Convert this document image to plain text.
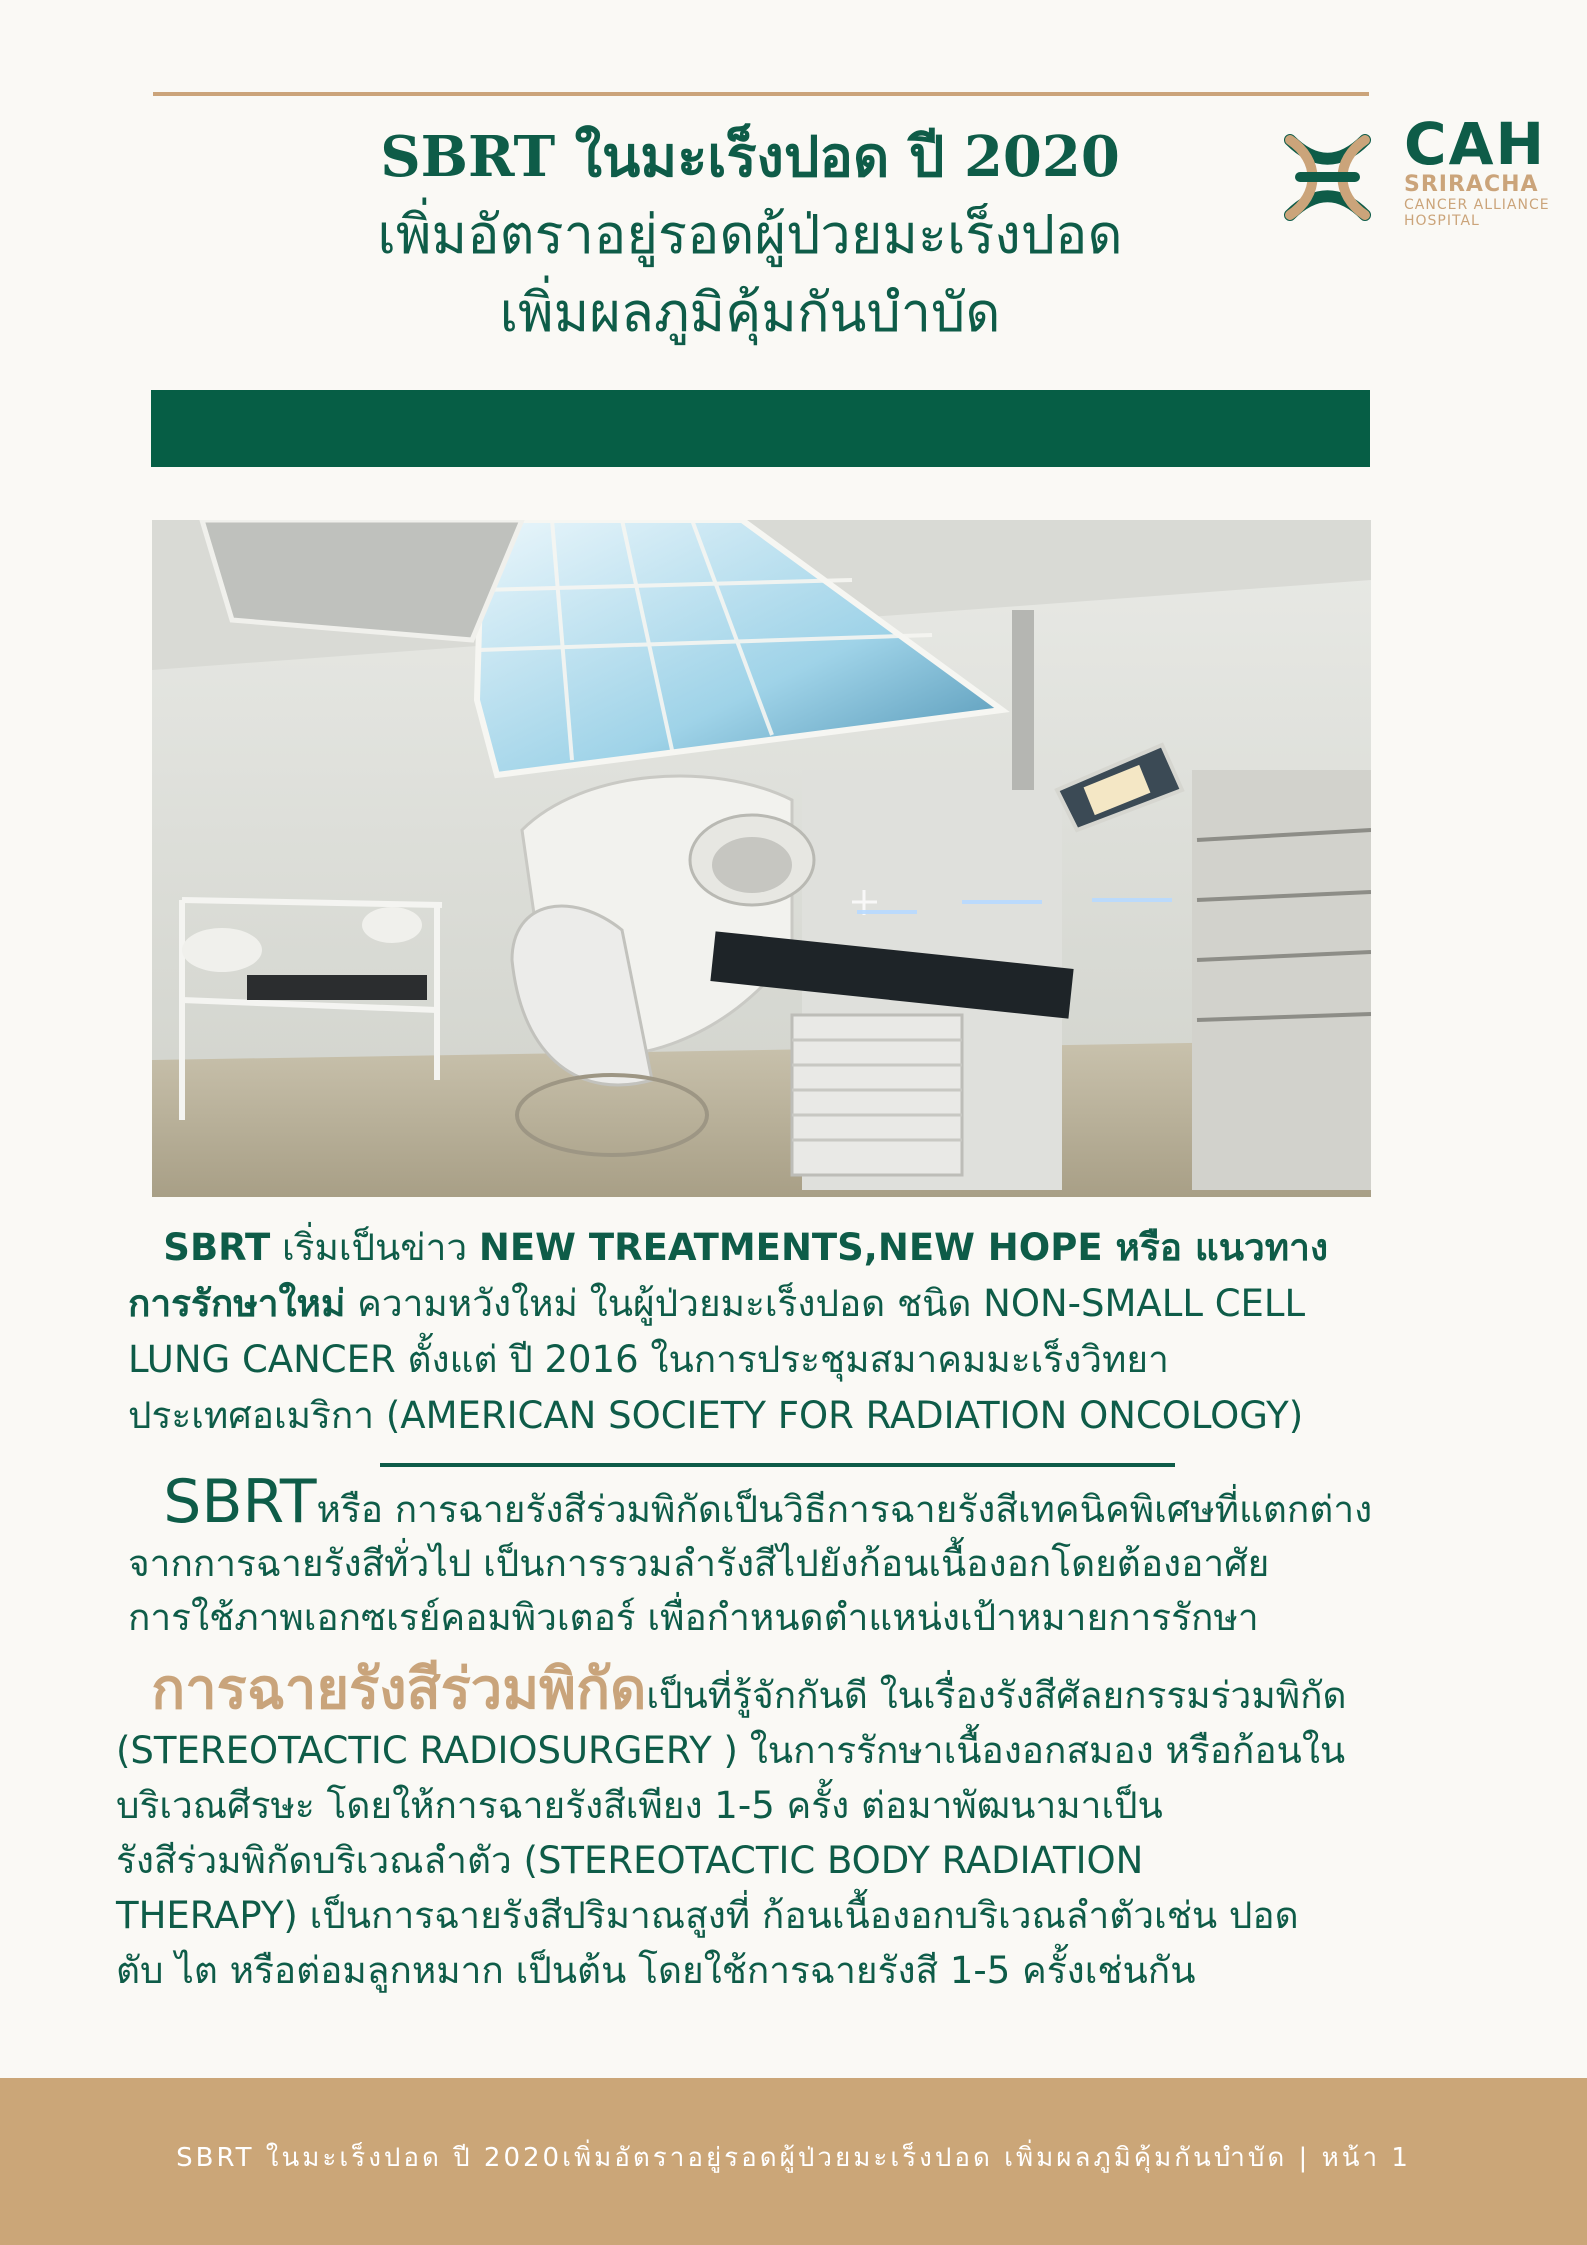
SBRT ในมะเร็งปอด ปี 2020
เพิ่มอัตราอยู่รอดผู้ป่วยมะเร็งปอด
เพิ่มผลภูมิคุ้มกันบำบัด
CAH
SRIRACHA
CANCER ALLIANCE
HOSPITAL
SBRT เริ่มเป็นข่าว NEW TREATMENTS,NEW HOPE หรือ แนวทาง
การรักษาใหม่ ความหวังใหม่ ในผู้ป่วยมะเร็งปอด ชนิด NON-SMALL CELL
LUNG CANCER ตั้งแต่ ปี 2016 ในการประชุมสมาคมมะเร็งวิทยา
ประเทศอเมริกา (AMERICAN SOCIETY FOR RADIATION ONCOLOGY)
SBRTหรือ การฉายรังสีร่วมพิกัดเป็นวิธีการฉายรังสีเทคนิคพิเศษที่แตกต่าง
จากการฉายรังสีทั่วไป เป็นการรวมลำรังสีไปยังก้อนเนื้องอกโดยต้องอาศัย
การใช้ภาพเอกซเรย์คอมพิวเตอร์ เพื่อกำหนดตำแหน่งเป้าหมายการรักษา
การฉายรังสีร่วมพิกัดเป็นที่รู้จักกันดี ในเรื่องรังสีศัลยกรรมร่วมพิกัด
(STEREOTACTIC RADIOSURGERY ) ในการรักษาเนื้องอกสมอง หรือก้อนใน
บริเวณศีรษะ โดยให้การฉายรังสีเพียง 1-5 ครั้ง ต่อมาพัฒนามาเป็น
รังสีร่วมพิกัดบริเวณลำตัว (STEREOTACTIC BODY RADIATION
THERAPY) เป็นการฉายรังสีปริมาณสูงที่ ก้อนเนื้องอกบริเวณลำตัวเช่น ปอด
ตับ ไต หรือต่อมลูกหมาก เป็นต้น โดยใช้การฉายรังสี 1-5 ครั้งเช่นกัน
SBRT ในมะเร็งปอด ปี 2020เพิ่มอัตราอยู่รอดผู้ป่วยมะเร็งปอด เพิ่มผลภูมิคุ้มกันบำบัด | หน้า 1
